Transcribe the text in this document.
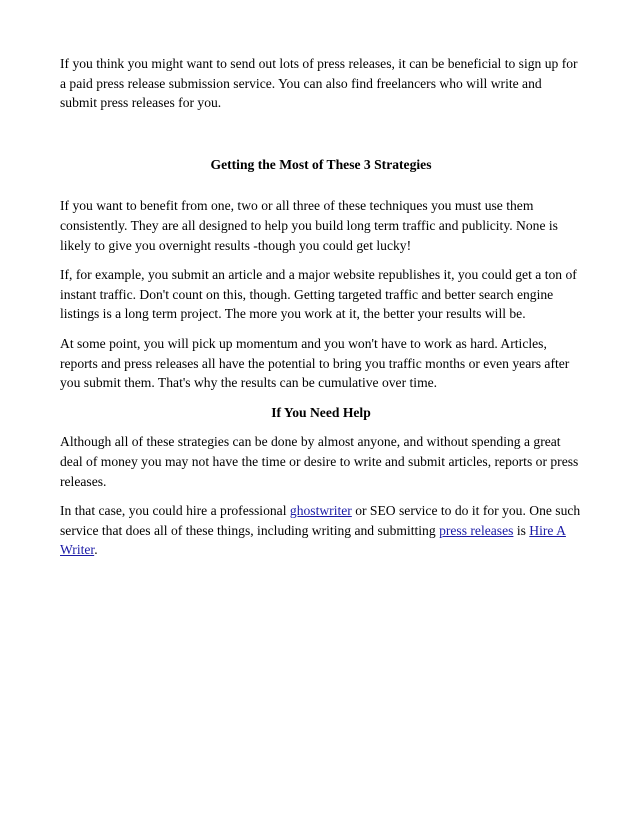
If you think you might want to send out lots of press releases, it can be beneficial to sign up for a paid press release submission service. You can also find freelancers who will write and submit press releases for you.

Getting the Most of These 3 Strategies

If you want to benefit from one, two or all three of these techniques you must use them consistently. They are all designed to help you build long term traffic and publicity. None is likely to give you overnight results -though you could get lucky!

If, for example, you submit an article and a major website republishes it, you could get a ton of instant traffic. Don't count on this, though. Getting targeted traffic and better search engine listings is a long term project. The more you work at it, the better your results will be.

At some point, you will pick up momentum and you won't have to work as hard. Articles, reports and press releases all have the potential to bring you traffic months or even years after you submit them. That's why the results can be cumulative over time.

If You Need Help

Although all of these strategies can be done by almost anyone, and without spending a great deal of money you may not have the time or desire to write and submit articles, reports or press releases.

In that case, you could hire a professional ghostwriter or SEO service to do it for you. One such service that does all of these things, including writing and submitting press releases is Hire A Writer.
